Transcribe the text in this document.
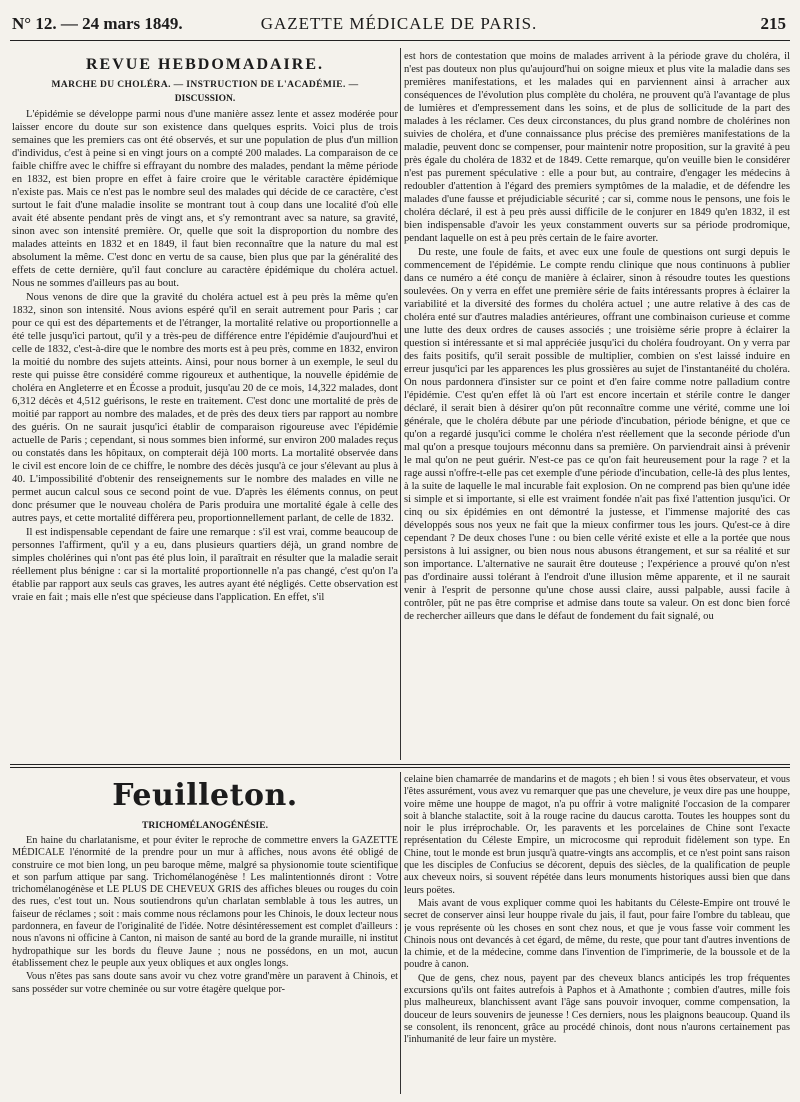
N° 12. — 24 mars 1849.	GAZETTE MÉDICALE DE PARIS.	215
REVUE HEBDOMADAIRE.
MARCHE DU CHOLÉRA. — INSTRUCTION DE L'ACADÉMIE. —
DISCUSSION.

L'épidémie se développe parmi nous d'une manière assez lente et assez modérée pour laisser encore du doute sur son existence dans quelques esprits. Voici plus de trois semaines que les premiers cas ont été observés, et sur une population de plus d'un million d'individus, c'est à peine si en vingt jours on a compté 200 malades. La comparaison de ce faible chiffre avec le chiffre si effrayant du nombre des malades, pendant la même période en 1832, est bien propre en effet à faire croire que le véritable caractère épidémique n'existe pas. Mais ce n'est pas le nombre seul des malades qui décide de ce caractère, c'est surtout le fait d'une maladie insolite se montrant tout à coup dans une localité d'où elle avait été absente pendant près de vingt ans, et s'y remontrant avec sa nature, sa gravité, sinon avec son intensité première. Or, quelle que soit la disproportion du nombre des malades atteints en 1832 et en 1849, il faut bien reconnaître que la nature du mal est absolument la même. C'est donc en vertu de sa cause, bien plus que par la généralité des effets de cette dernière, qu'il faut conclure au caractère épidémique du choléra actuel. Nous ne sommes d'ailleurs pas au bout.

Nous venons de dire que la gravité du choléra actuel est à peu près la même qu'en 1832, sinon son intensité. Nous avions espéré qu'il en serait autrement pour Paris ; car pour ce qui est des départements et de l'étranger, la mortalité relative ou proportionnelle a été telle jusqu'ici partout, qu'il y a très-peu de différence entre l'épidémie d'aujourd'hui et celle de 1832, c'est-à-dire que le nombre des morts est à peu près, comme en 1832, environ la moitié du nombre des sujets atteints. Ainsi, pour nous borner à un exemple, le seul du reste qui puisse être considéré comme rigoureux et authentique, la nouvelle épidémie de choléra en Angleterre et en Écosse a produit, jusqu'au 20 de ce mois, 14,322 malades, dont 6,312 décès et 4,512 guérisons, le reste en traitement. C'est donc une mortalité de près de moitié par rapport au nombre des malades, et de près des deux tiers par rapport au nombre des guéris. On ne saurait jusqu'ici établir de comparaison rigoureuse avec l'épidémie actuelle de Paris ; cependant, si nous sommes bien informé, sur environ 200 malades reçus ou constatés dans les hôpitaux, on compterait déjà 100 morts. La mortalité observée dans le civil est encore loin de ce chiffre, le nombre des décès jusqu'à ce jour s'élevant au plus à 40. L'impossibilité d'obtenir des renseignements sur le nombre des malades en ville ne permet aucun calcul sous ce second point de vue. D'après les éléments connus, on peut donc présumer que le nouveau choléra de Paris produira une mortalité égale à celle des autres pays, et cette mortalité différera peu, proportionnellement parlant, de celle de 1832.

Il est indispensable cependant de faire une remarque : s'il est vrai, comme beaucoup de personnes l'affirment, qu'il y a eu, dans plusieurs quartiers déjà, un grand nombre de simples cholérines qui n'ont pas été plus loin, il paraîtrait en résulter que la maladie serait réellement plus bénigne : car si la mortalité proportionnelle n'a pas changé, c'est qu'on l'a établie par rapport aux seuls cas graves, les autres ayant été négligés. Cette observation est vraie en fait ; mais elle n'est que spécieuse dans l'application. En effet, s'il

est hors de contestation que moins de malades arrivent à la période grave du choléra, il n'est pas douteux non plus qu'aujourd'hui on soigne mieux et plus vite la maladie dans ses premières manifestations, et les malades qui en parviennent ainsi à arracher aux conséquences de l'évolution plus complète du choléra, ne prouvent qu'à l'avantage de plus de lumières et d'empressement dans les soins, et de plus de sollicitude de la part des malades à les réclamer. Ces deux circonstances, du plus grand nombre de cholérines non suivies de choléra, et d'une connaissance plus précise des premières manifestations de la maladie, peuvent donc se compenser, pour maintenir notre proposition, sur la gravité à peu près égale du choléra de 1832 et de 1849. Cette remarque, qu'on veuille bien le considérer n'est pas purement spéculative : elle a pour but, au contraire, d'engager les médecins à redoubler d'attention à l'égard des premiers symptômes de la maladie, et de défendre les malades d'une fausse et préjudiciable sécurité ; car si, comme nous le pensons, une fois le choléra déclaré, il est à peu près aussi difficile de le conjurer en 1849 qu'en 1832, il est bien indispensable d'avoir les yeux constamment ouverts sur sa période prodromique, pendant laquelle on est à peu près certain de le faire avorter.

Du reste, une foule de faits, et avec eux une foule de questions ont surgi depuis le commencement de l'épidémie. Le compte rendu clinique que nous continuons à publier dans ce numéro a été conçu de manière à éclairer, sinon à résoudre toutes les questions soulevées. On y verra en effet une première série de faits intéressants propres à éclairer la variabilité et la diversité des formes du choléra actuel ; une autre relative à des cas de choléra enté sur d'autres maladies antérieures, offrant une combinaison curieuse et comme une lutte des deux ordres de causes associés ; une troisième série propre à éclairer la question si intéressante et si mal appréciée jusqu'ici du choléra foudroyant. On y verra par des faits positifs, qu'il serait possible de multiplier, combien on s'est laissé induire en erreur jusqu'ici par les apparences les plus grossières au sujet de l'instantanéité du choléra. On nous pardonnera d'insister sur ce point et d'en faire comme notre palladium contre l'épidémie. C'est qu'en effet là où l'art est encore incertain et stérile contre le danger déclaré, il serait bien à désirer qu'on pût reconnaître comme une vérité, comme une loi générale, que le choléra débute par une période d'incubation, période bénigne, et que ce qu'on a regardé jusqu'ici comme le choléra n'est réellement que la seconde période d'un mal qu'on a presque toujours méconnu dans sa première. On parviendrait ainsi à prévenir le mal qu'on ne peut guérir. N'est-ce pas ce qu'on fait heureusement pour la rage ? et la rage aussi n'offre-t-elle pas cet exemple d'une période d'incubation, celle-là des plus lentes, à la suite de laquelle le mal incurable fait explosion. On ne comprend pas bien qu'une idée si simple et si importante, si elle est vraiment fondée n'ait pas fixé l'attention jusqu'ici. Or cinq ou six épidémies en ont démontré la justesse, et l'immense majorité des cas développés sous nos yeux ne fait que la mieux confirmer tous les jours. Qu'est-ce à dire cependant ? De deux choses l'une : ou bien celle vérité existe et elle a la portée que nous persistons à lui assigner, ou bien nous nous abusons étrangement, et sur sa réalité et sur son importance. L'alternative ne saurait être douteuse ; l'expérience a prouvé qu'on n'est pas d'ordinaire aussi tolérant à l'endroit d'une illusion même apparente, et il ne saurait venir à l'esprit de personne qu'une chose aussi claire, aussi palpable, aussi facile à contrôler, pût ne pas être comprise et admise dans toute sa valeur. On est donc bien forcé de rechercher ailleurs que dans le défaut de fondement du fait signalé, ou

Feuilleton.
TRICHOMÉLANOGÉNÉSIE.

En haine du charlatanisme, et pour éviter le reproche de commettre envers la GAZETTE MÉDICALE l'énormité de la prendre pour un mur à affiches, nous avons été obligé de construire ce mot bien long, un peu baroque même, malgré sa physionomie toute scientifique et son parfum attique par sang. Trichomélanogénèse ! Les malintentionnés diront : Votre trichomélanogénèse et LE PLUS DE CHEVEUX GRIS des affiches bleues ou rouges du coin des rues, c'est tout un. Nous soutiendrons qu'un charlatan semblable à tous les autres, un faiseur de réclames ; soit : mais comme nous réclamons pour les Chinois, le doux lecteur nous pardonnera, en faveur de l'originalité de l'idée. Notre désintéressement est complet d'ailleurs : nous n'avons ni officine à Canton, ni maison de santé au bord de la grande muraille, ni institut hydropathique sur les bords du fleuve Jaune ; nous ne possédons, en un mot, aucun établissement chez le peuple aux yeux obliques et aux ongles longs.

Vous n'êtes pas sans doute sans avoir vu chez votre grand'mère un paravent à Chinois, et sans posséder sur votre cheminée ou sur votre étagère quelque por-

celaine bien chamarrée de mandarins et de magots ; eh bien ! si vous êtes observateur, et vous l'êtes assurément, vous avez vu remarquer que pas une chevelure, je veux dire pas une houppe, voire même une houppe de magot, n'a pu offrir à votre malignité l'occasion de la comparer soit à blanche stalactite, soit à la rouge racine du daucus carotta. Toutes les houppes sont du noir le plus irréprochable. Or, les paravents et les porcelaines de Chine sont l'exacte représentation du Céleste Empire, un microcosme qui reproduit fidèlement son type. En Chine, tout le monde est brun jusqu'à quatre-vingts ans accomplis, et ce n'est point sans raison que les disciples de Confucius se décorent, depuis des siècles, de la qualification de peuple aux cheveux noirs, si souvent répétée dans leurs monuments historiques aussi bien que dans leurs poëtes.

Mais avant de vous expliquer comme quoi les habitants du Céleste-Empire ont trouvé le secret de conserver ainsi leur houppe rivale du jais, il faut, pour faire l'ombre du tableau, que je vous représente où les choses en sont chez nous, et que je vous fasse voir comment les Chinois nous ont devancés à cet égard, de même, du reste, que pour tant d'autres inventions de la chimie, et de la médecine, comme dans l'invention de l'imprimerie, de la boussole et de la poudre à canon.

Que de gens, chez nous, payent par des cheveux blancs anticipés les trop fréquentes excursions qu'ils ont faites autrefois à Paphos et à Amathonte ; combien d'autres, mille fois plus malheureux, blanchissent avant l'âge sans pouvoir invoquer, comme compensation, la douceur de leurs souvenirs de jeunesse ! Ces derniers, nous les plaignons beaucoup. Quand ils se consolent, ils renoncent, grâce au procédé chinois, dont nous n'aurons certainement pas l'inhumanité de leur faire un mystère.
